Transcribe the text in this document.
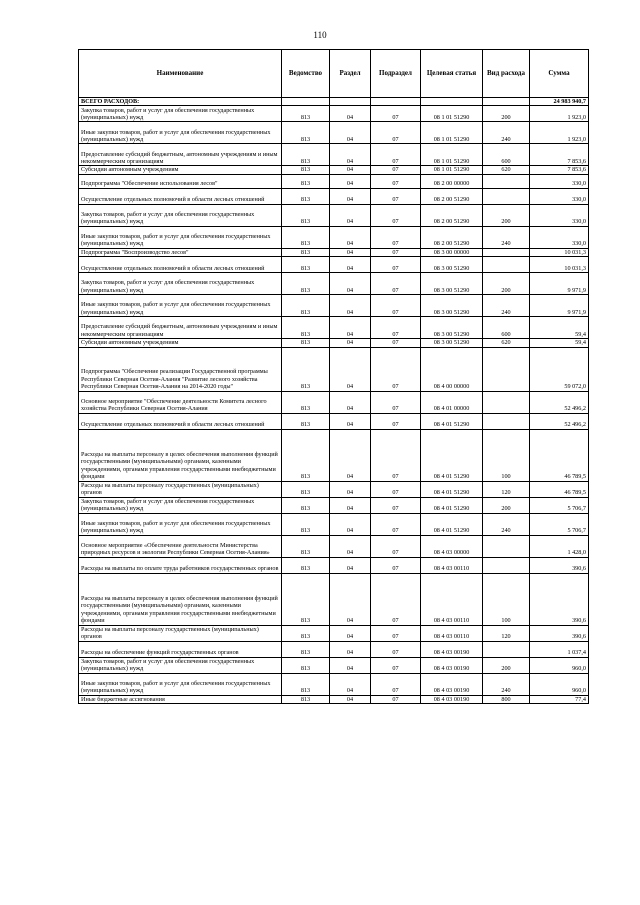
110
Наименование	Ведомство	Раздел	Подраздел	Целевая статья	Вид расхода	Сумма
ВСЕГО РАСХОДОВ:						24 983 940,7
Закупка товаров, работ и услуг для обеспечения государственных (муниципальных) нужд	813	04	07	08 1 01 51290	200	1 923,0
Иные закупки товаров, работ и услуг для обеспечения государственных (муниципальных) нужд	813	04	07	08 1 01 51290	240	1 923,0
Предоставление субсидий бюджетным, автономным учреждениям и иным некоммерческим организациям	813	04	07	08 1 01 51290	600	7 853,6
Субсидии автономным учреждениям	813	04	07	08 1 01 51290	620	7 853,6
Подпрограмма "Обеспечение использования лесов"	813	04	07	08 2 00 00000		330,0
Осуществление отдельных полномочий в области лесных отношений	813	04	07	08 2 00 51290		330,0
Закупка товаров, работ и услуг для обеспечения государственных (муниципальных) нужд	813	04	07	08 2 00 51290	200	330,0
Иные закупки товаров, работ и услуг для обеспечения государственных (муниципальных) нужд	813	04	07	08 2 00 51290	240	330,0
Подпрограмма "Воспроизводство лесов"	813	04	07	08 3 00 00000		10 031,3
Осуществление отдельных полномочий в области лесных отношений	813	04	07	08 3 00 51290		10 031,3
Закупка товаров, работ и услуг для обеспечения государственных (муниципальных) нужд	813	04	07	08 3 00 51290	200	9 971,9
Иные закупки товаров, работ и услуг для обеспечения государственных (муниципальных) нужд	813	04	07	08 3 00 51290	240	9 971,9
Предоставление субсидий бюджетным, автономным учреждениям и иным некоммерческим организациям	813	04	07	08 3 00 51290	600	59,4
Субсидии автономным учреждениям	813	04	07	08 3 00 51290	620	59,4
Подпрограмма "Обеспечение реализации Государственной программы Республики Северная Осетия-Алания "Развитие лесного хозяйства Республики Северная Осетия-Алания на 2014-2020 годы"	813	04	07	08 4 00 00000		59 072,0
Основное мероприятие "Обеспечение деятельности Комитета лесного хозяйства Республики Северная Осетия-Алания	813	04	07	08 4 01 00000		52 496,2
Осуществление отдельных полномочий в области лесных отношений	813	04	07	08 4 01 51290		52 496,2
Расходы на выплаты персоналу в целях обеспечения выполнения функций государственными (муниципальными) органами, казенными учреждениями, органами управления государственными внебюджетными фондами	813	04	07	08 4 01 51290	100	46 789,5
Расходы на выплаты персоналу государственных (муниципальных) органов	813	04	07	08 4 01 51290	120	46 789,5
Закупка товаров, работ и услуг для обеспечения государственных (муниципальных) нужд	813	04	07	08 4 01 51290	200	5 706,7
Иные закупки товаров, работ и услуг для обеспечения государственных (муниципальных) нужд	813	04	07	08 4 01 51290	240	5 706,7
Основное мероприятие «Обеспечение деятельности Министерства природных ресурсов и экологии Республики Северная Осетия-Алания»	813	04	07	08 4 03 00000		1 428,0
Расходы на выплаты по оплате труда работников государственных органов	813	04	07	08 4 03 00110		390,6
Расходы на выплаты персоналу в целях обеспечения выполнения функций государственными (муниципальными) органами, казенными учреждениями, органами управления государственными внебюджетными фондами	813	04	07	08 4 03 00110	100	390,6
Расходы на выплаты персоналу государственных (муниципальных) органов	813	04	07	08 4 03 00110	120	390,6
Расходы на обеспечение функций государственных органов	813	04	07	08 4 03 00190		1 037,4
Закупка товаров, работ и услуг для обеспечения государственных (муниципальных) нужд	813	04	07	08 4 03 00190	200	960,0
Иные закупки товаров, работ и услуг для обеспечения государственных (муниципальных) нужд	813	04	07	08 4 03 00190	240	960,0
Иные бюджетные ассигнования	813	04	07	08 4 03 00190	800	77,4
